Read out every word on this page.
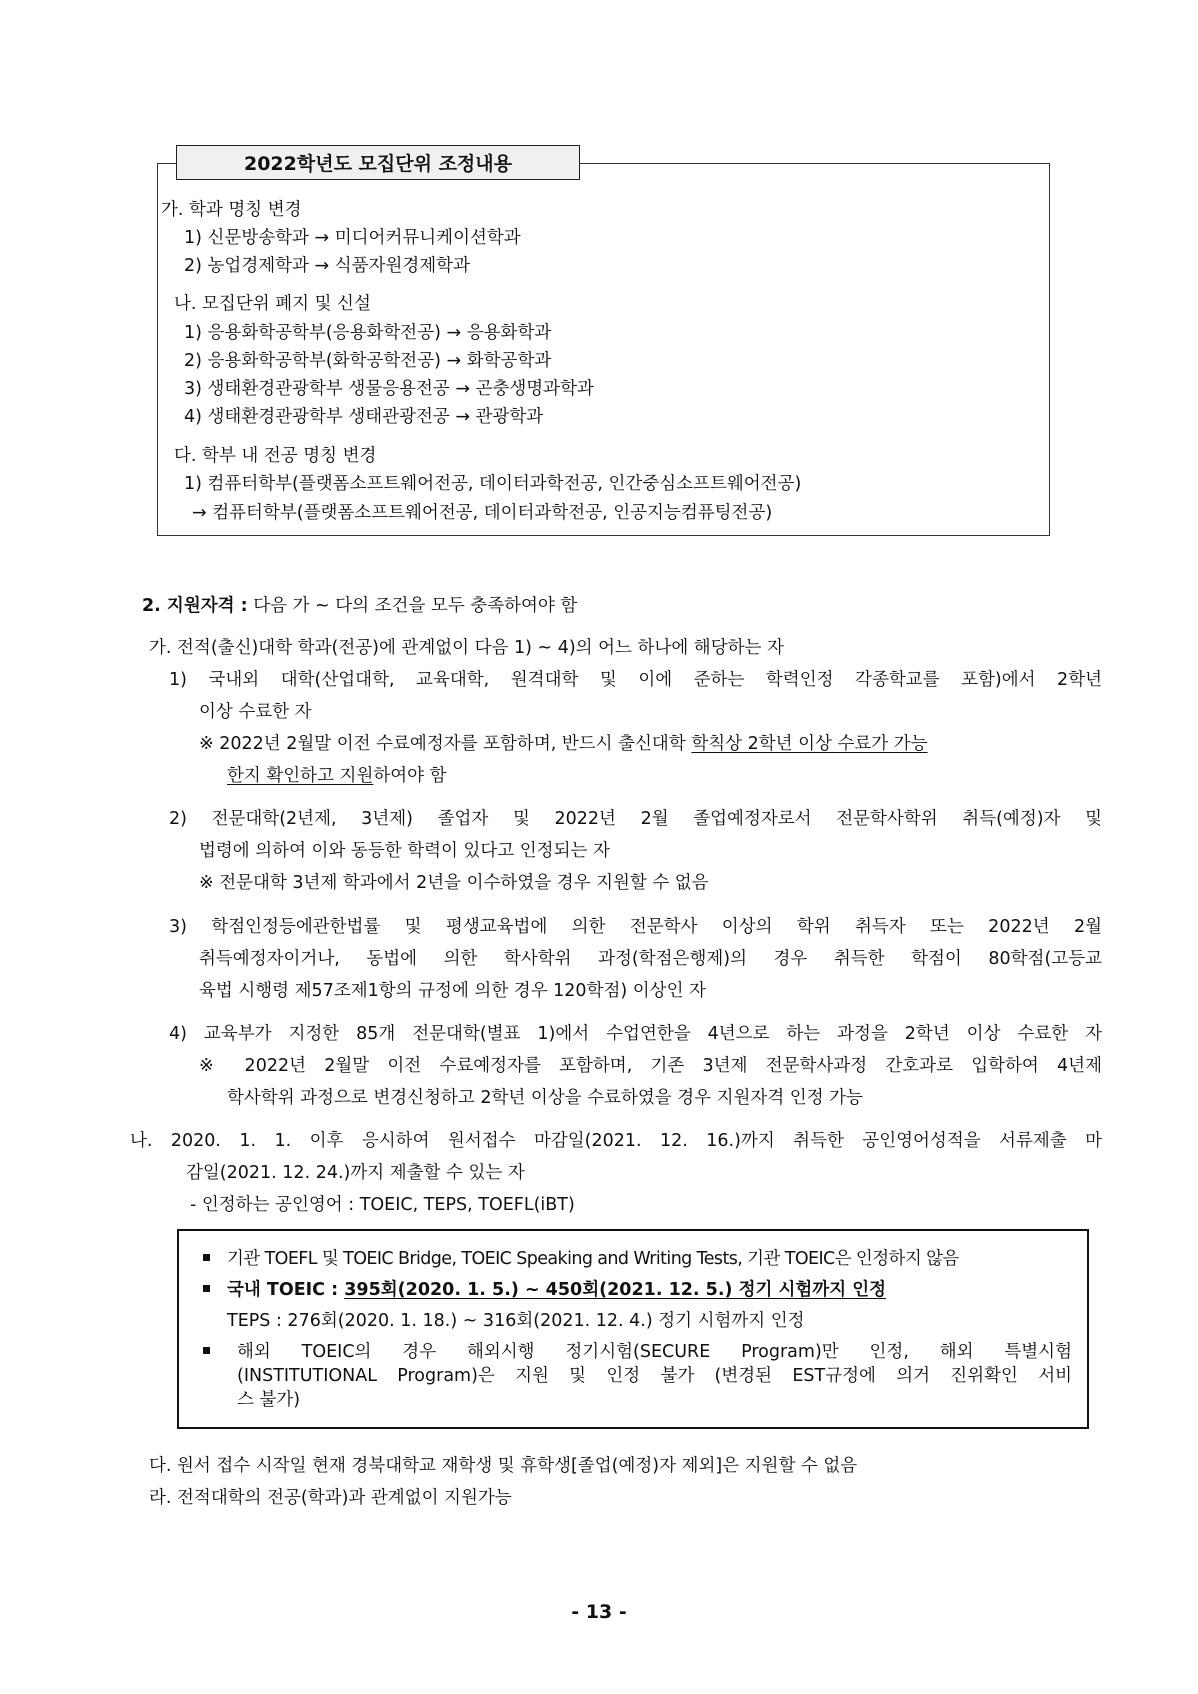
2022학년도 모집단위 조정내용
가. 학과 명칭 변경
1) 신문방송학과 → 미디어커뮤니케이션학과
2) 농업경제학과 → 식품자원경제학과
나. 모집단위 폐지 및 신설
1) 응용화학공학부(응용화학전공) → 응용화학과
2) 응용화학공학부(화학공학전공) → 화학공학과
3) 생태환경관광학부 생물응용전공 → 곤충생명과학과
4) 생태환경관광학부 생태관광전공 → 관광학과
다. 학부 내 전공 명칭 변경
1) 컴퓨터학부(플랫폼소프트웨어전공, 데이터과학전공, 인간중심소프트웨어전공)
→ 컴퓨터학부(플랫폼소프트웨어전공, 데이터과학전공, 인공지능컴퓨팅전공)
2. 지원자격 : 다음 가 ~ 다의 조건을 모두 충족하여야 함
가. 전적(출신)대학 학과(전공)에 관계없이 다음 1) ~ 4)의 어느 하나에 해당하는 자
1) 국내외 대학(산업대학, 교육대학, 원격대학 및 이에 준하는 학력인정 각종학교를 포함)에서 2학년
이상 수료한 자
※ 2022년 2월말 이전 수료예정자를 포함하며, 반드시 출신대학 학칙상 2학년 이상 수료가 가능
한지 확인하고 지원하여야 함
2) 전문대학(2년제, 3년제) 졸업자 및 2022년 2월 졸업예정자로서 전문학사학위 취득(예정)자 및
법령에 의하여 이와 동등한 학력이 있다고 인정되는 자
※ 전문대학 3년제 학과에서 2년을 이수하였을 경우 지원할 수 없음
3) 학점인정등에관한법률 및 평생교육법에 의한 전문학사 이상의 학위 취득자 또는 2022년 2월
취득예정자이거나, 동법에 의한 학사학위 과정(학점은행제)의 경우 취득한 학점이 80학점(고등교
육법 시행령 제57조제1항의 규정에 의한 경우 120학점) 이상인 자
4) 교육부가 지정한 85개 전문대학(별표 1)에서 수업연한을 4년으로 하는 과정을 2학년 이상 수료한 자
※ 2022년 2월말 이전 수료예정자를 포함하며, 기존 3년제 전문학사과정 간호과로 입학하여 4년제
학사학위 과정으로 변경신청하고 2학년 이상을 수료하였을 경우 지원자격 인정 가능
나. 2020. 1. 1. 이후 응시하여 원서접수 마감일(2021. 12. 16.)까지 취득한 공인영어성적을 서류제출 마
감일(2021. 12. 24.)까지 제출할 수 있는 자
- 인정하는 공인영어 : TOEIC, TEPS, TOEFL(iBT)
기관 TOEFL 및 TOEIC Bridge, TOEIC Speaking and Writing Tests, 기관 TOEIC은 인정하지 않음
국내 TOEIC : 395회(2020. 1. 5.) ~ 450회(2021. 12. 5.) 정기 시험까지 인정
TEPS : 276회(2020. 1. 18.) ~ 316회(2021. 12. 4.) 정기 시험까지 인정
해외 TOEIC의 경우 해외시행 정기시험(SECURE Program)만 인정, 해외 특별시험
(INSTITUTIONAL Program)은 지원 및 인정 불가 (변경된 EST규정에 의거 진위확인 서비
스 불가)
다. 원서 접수 시작일 현재 경북대학교 재학생 및 휴학생[졸업(예정)자 제외]은 지원할 수 없음
라. 전적대학의 전공(학과)과 관계없이 지원가능
- 13 -
